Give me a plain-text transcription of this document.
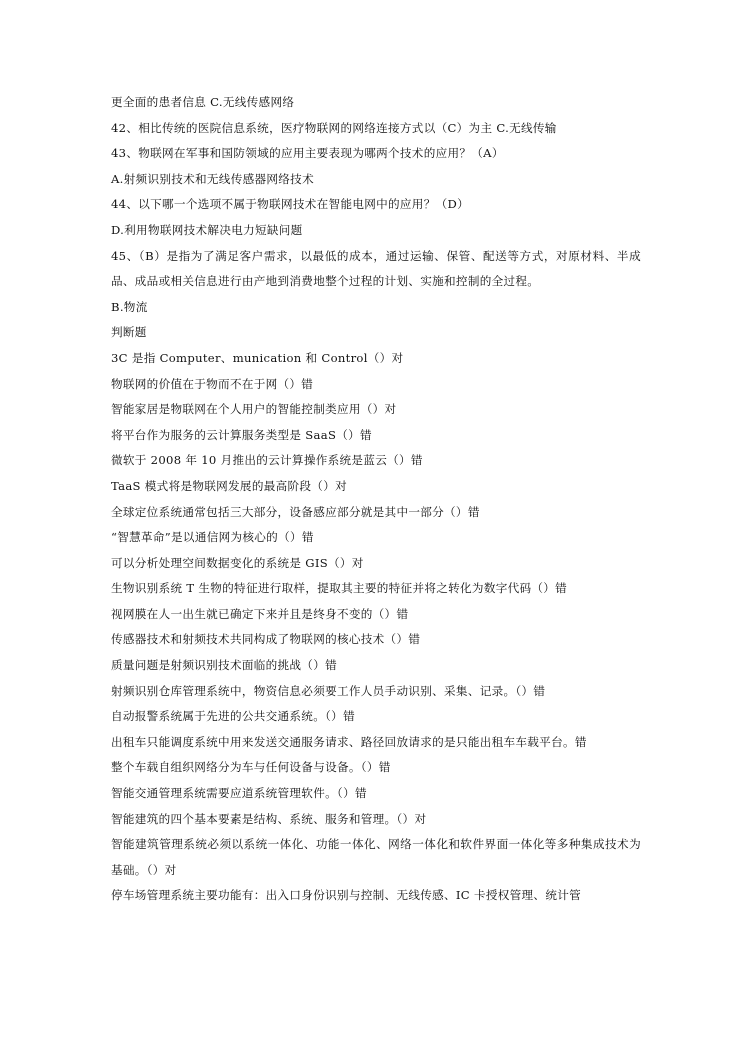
更全面的患者信息 C.无线传感网络
42、相比传统的医院信息系统，医疗物联网的网络连接方式以（C）为主 C.无线传输
43、物联网在军事和国防领域的应用主要表现为哪两个技术的应用？（A）
A.射频识别技术和无线传感器网络技术
44、以下哪一个选项不属于物联网技术在智能电网中的应用？（D）
D.利用物联网技术解决电力短缺问题
45、（B）是指为了满足客户需求，以最低的成本，通过运输、保管、配送等方式，对原材料、半成品、成品或相关信息进行由产地到消费地整个过程的计划、实施和控制的全过程。
B.物流
判断题
3C 是指 Computer、munication 和 Control（）对
物联网的价值在于物而不在于网（）错
智能家居是物联网在个人用户的智能控制类应用（）对
将平台作为服务的云计算服务类型是 SaaS（）错
微软于 2008 年 10 月推出的云计算操作系统是蓝云（）错
TaaS 模式将是物联网发展的最高阶段（）对
全球定位系统通常包括三大部分，设备感应部分就是其中一部分（）错
“智慧革命”是以通信网为核心的（）错
可以分析处理空间数据变化的系统是 GIS（）对
生物识别系统 T 生物的特征进行取样，提取其主要的特征并将之转化为数字代码（）错
视网膜在人一出生就已确定下来并且是终身不变的（）错
传感器技术和射频技术共同构成了物联网的核心技术（）错
质量问题是射频识别技术面临的挑战（）错
射频识别仓库管理系统中，物资信息必须要工作人员手动识别、采集、记录。（）错
自动报警系统属于先进的公共交通系统。（）错
出租车只能调度系统中用来发送交通服务请求、路径回放请求的是只能出租车车载平台。错
整个车载自组织网络分为车与任何设备与设备。（）错
智能交通管理系统需要应道系统管理软件。（）错
智能建筑的四个基本要素是结构、系统、服务和管理。（）对
智能建筑管理系统必须以系统一体化、功能一体化、网络一体化和软件界面一体化等多种集成技术为基础。（）对
停车场管理系统主要功能有：出入口身份识别与控制、无线传感、IC 卡授权管理、统计管
